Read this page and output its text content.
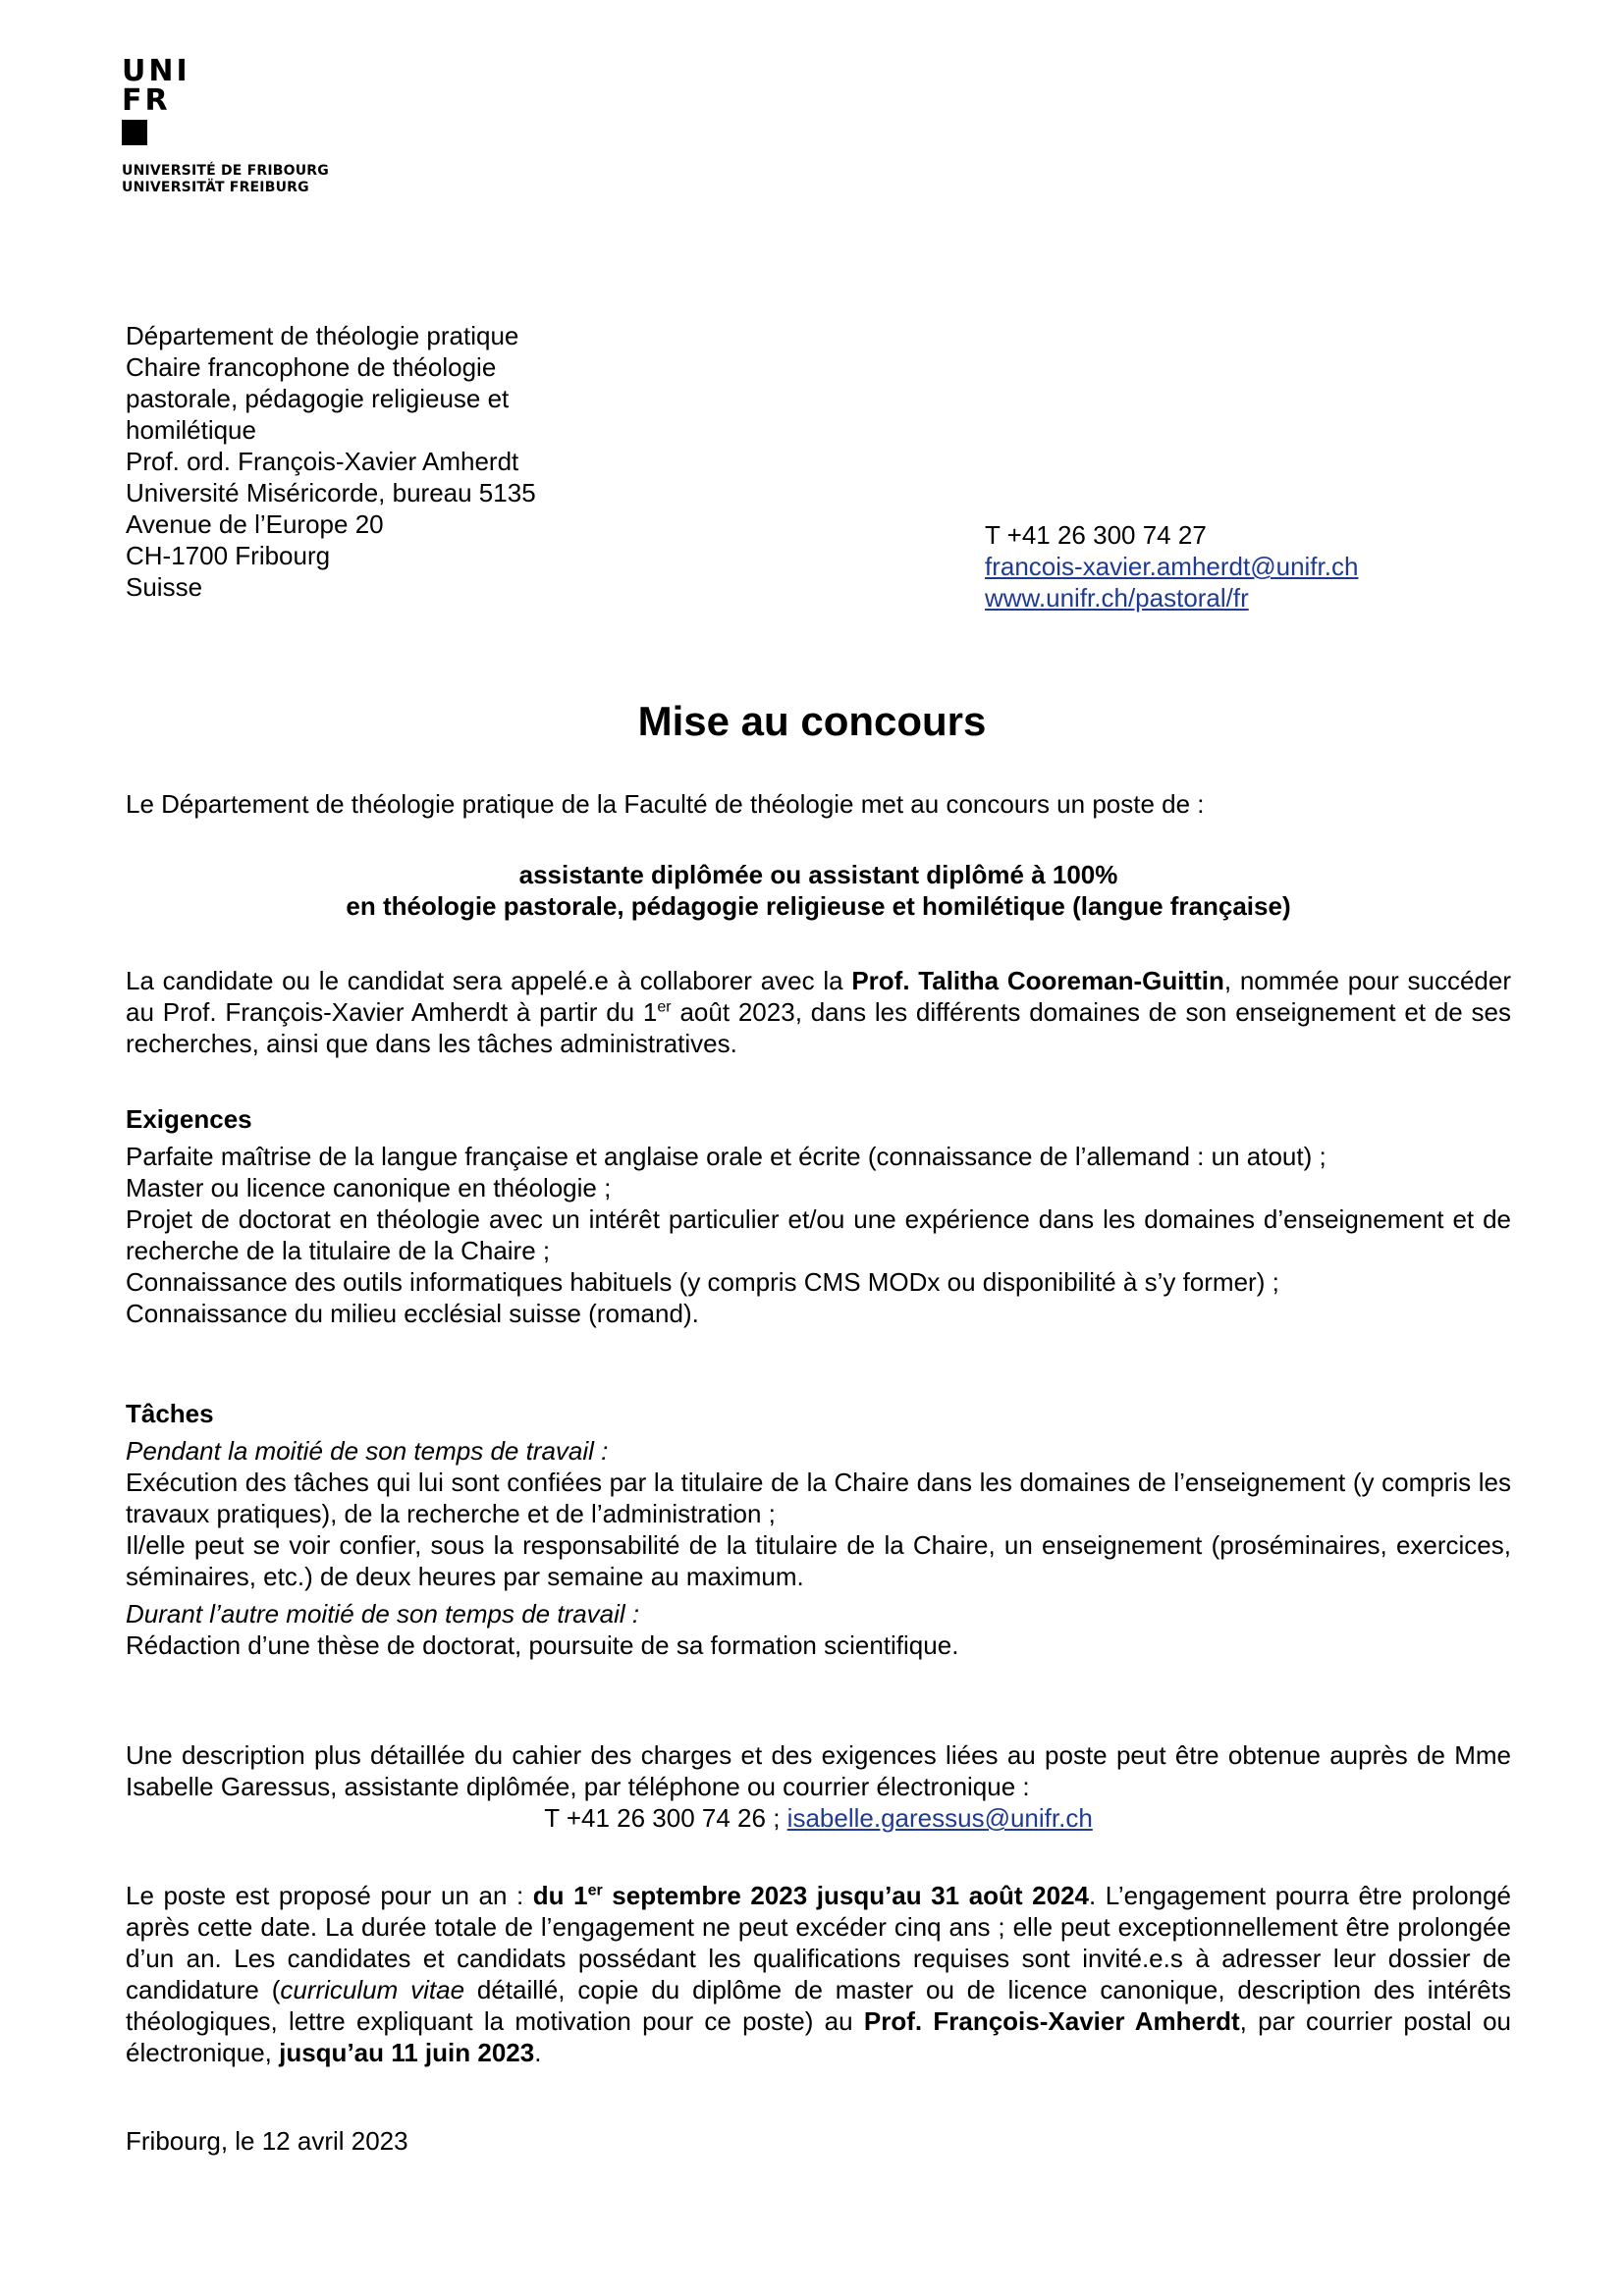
UNI
FR
UNIVERSITÉ DE FRIBOURG
UNIVERSITÄT FREIBURG
Département de théologie pratique
Chaire francophone de théologie
pastorale, pédagogie religieuse et
homilétique
Prof. ord. François-Xavier Amherdt
Université Miséricorde, bureau 5135
Avenue de l’Europe 20
CH-1700 Fribourg
Suisse
T +41 26 300 74 27
francois-xavier.amherdt@unifr.ch
www.unifr.ch/pastoral/fr
Mise au concours
Le Département de théologie pratique de la Faculté de théologie met au concours un poste de :
assistante diplômée ou assistant diplômé à 100%
en théologie pastorale, pédagogie religieuse et homilétique (langue française)
La candidate ou le candidat sera appelé.e à collaborer avec la Prof. Talitha Cooreman-Guittin, nommée pour succéder au Prof. François-Xavier Amherdt à partir du 1er août 2023, dans les différents domaines de son enseignement et de ses recherches, ainsi que dans les tâches administratives.
Exigences
Parfaite maîtrise de la langue française et anglaise orale et écrite (connaissance de l’allemand : un atout) ;
Master ou licence canonique en théologie ;
Projet de doctorat en théologie avec un intérêt particulier et/ou une expérience dans les domaines d’enseignement et de recherche de la titulaire de la Chaire ;
Connaissance des outils informatiques habituels (y compris CMS MODx ou disponibilité à s’y former) ;
Connaissance du milieu ecclésial suisse (romand).
Tâches
Pendant la moitié de son temps de travail :
Exécution des tâches qui lui sont confiées par la titulaire de la Chaire dans les domaines de l’enseignement (y compris les travaux pratiques), de la recherche et de l’administration ;
Il/elle peut se voir confier, sous la responsabilité de la titulaire de la Chaire, un enseignement (proséminaires, exercices, séminaires, etc.) de deux heures par semaine au maximum.
Durant l’autre moitié de son temps de travail :
Rédaction d’une thèse de doctorat, poursuite de sa formation scientifique.
Une description plus détaillée du cahier des charges et des exigences liées au poste peut être obtenue auprès de Mme Isabelle Garessus, assistante diplômée, par téléphone ou courrier électronique :
T +41 26 300 74 26 ; isabelle.garessus@unifr.ch
Le poste est proposé pour un an : du 1er septembre 2023 jusqu’au 31 août 2024. L’engagement pourra être prolongé après cette date. La durée totale de l’engagement ne peut excéder cinq ans ; elle peut exceptionnellement être prolongée d’un an. Les candidates et candidats possédant les qualifications requises sont invité.e.s à adresser leur dossier de candidature (curriculum vitae détaillé, copie du diplôme de master ou de licence canonique, description des intérêts théologiques, lettre expliquant la motivation pour ce poste) au Prof. François-Xavier Amherdt, par courrier postal ou électronique, jusqu’au 11 juin 2023.
Fribourg, le 12 avril 2023
